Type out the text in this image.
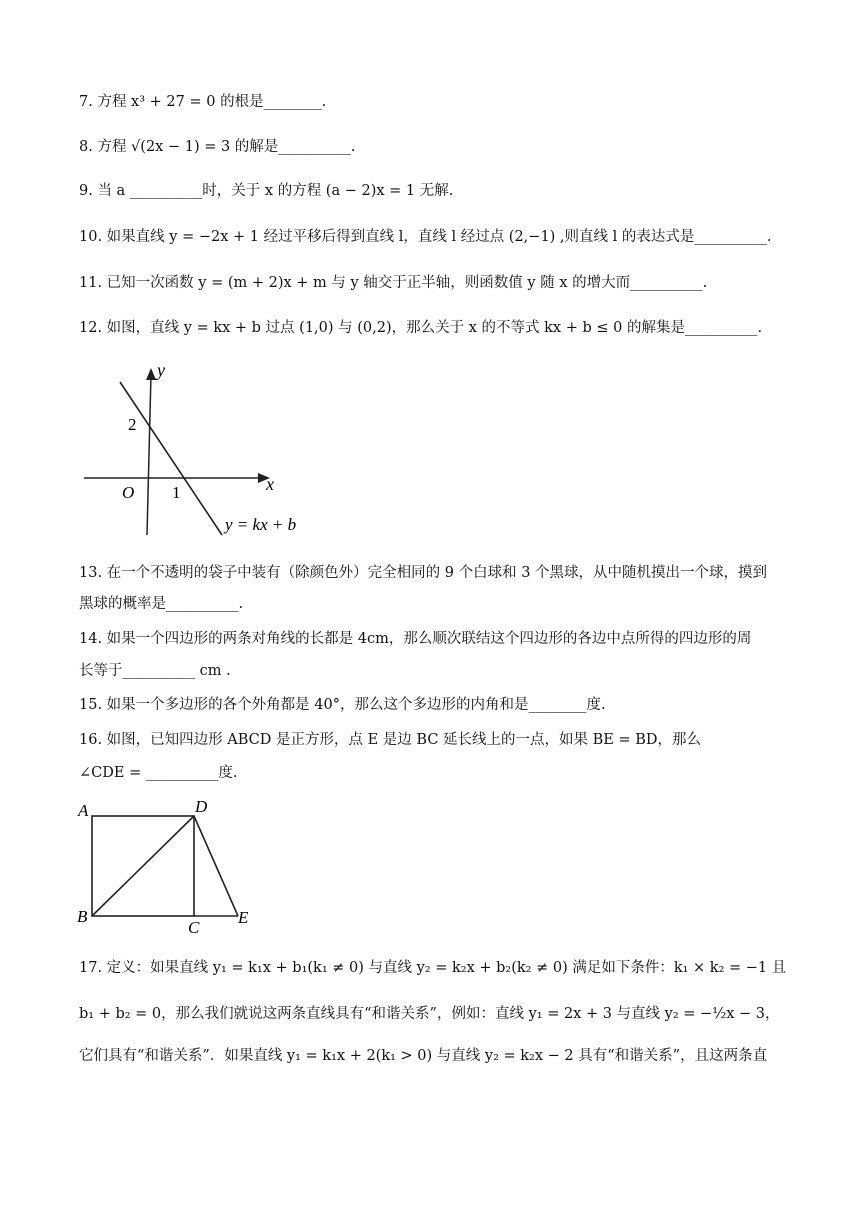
7. 方程 x³ + 27 = 0 的根是________.
8. 方程 √(2x − 1) = 3 的解是__________.
9. 当 a __________时，关于 x 的方程 (a − 2)x = 1 无解.
10. 如果直线 y = −2x + 1 经过平移后得到直线 l，直线 l 经过点 (2,−1) ,则直线 l 的表达式是__________.
11. 已知一次函数 y = (m + 2)x + m 与 y 轴交于正半轴，则函数值 y 随 x 的增大而__________.
12. 如图，直线 y = kx + b 过点 (1,0) 与 (0,2)，那么关于 x 的不等式 kx + b ≤ 0 的解集是__________.
y
x
O 1
2
y = kx + b
13. 在一个不透明的袋子中装有（除颜色外）完全相同的 9 个白球和 3 个黑球，从中随机摸出一个球，摸到
黑球的概率是__________.
14. 如果一个四边形的两条对角线的长都是 4cm，那么顺次联结这个四边形的各边中点所得的四边形的周
长等于__________ cm .
15. 如果一个多边形的各个外角都是 40°，那么这个多边形的内角和是________度.
16. 如图，已知四边形 ABCD 是正方形，点 E 是边 BC 延长线上的一点，如果 BE = BD，那么
∠CDE = __________度.
A	D
B
C
E
17. 定义：如果直线 y₁ = k₁x + b₁(k₁ ≠ 0) 与直线 y₂ = k₂x + b₂(k₂ ≠ 0) 满足如下条件：k₁ × k₂ = −1 且
b₁ + b₂ = 0，那么我们就说这两条直线具有“和谐关系”，例如：直线 y₁ = 2x + 3 与直线 y₂ = −½x − 3，
它们具有“和谐关系”．如果直线 y₁ = k₁x + 2(k₁ > 0) 与直线 y₂ = k₂x − 2 具有“和谐关系”，且这两条直
